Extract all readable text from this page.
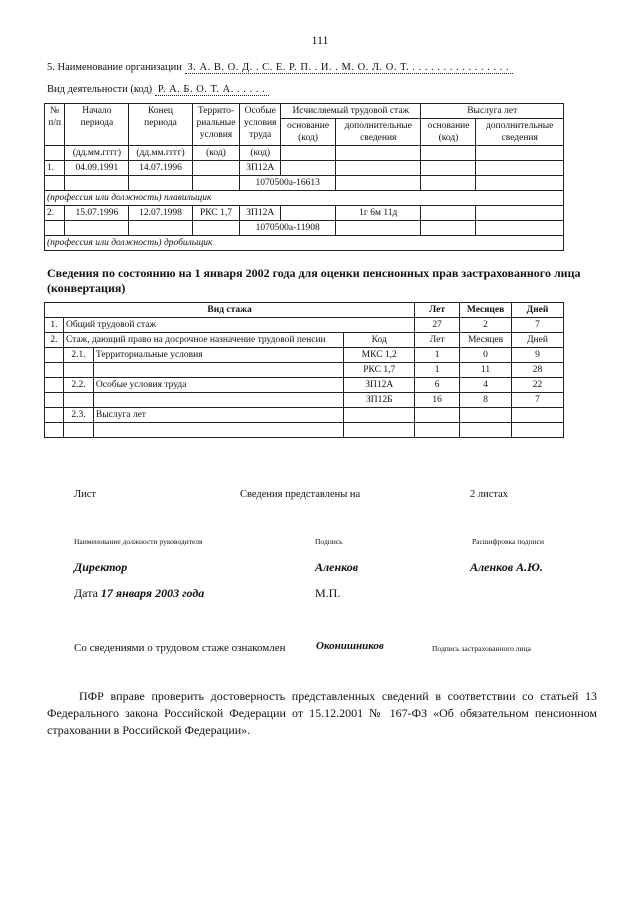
111
5. Наименование организации З. А. В. О. Д. . С. Е. Р. П. . И. . М. О. Л. О. Т. . . . . . . . . . . . . . . . .
Вид деятельности (код) Р. А. Б. О. Т. А. . . . . .
№ п/п	Начало периода	Конец периода	Террито-риальные условия	Особые условия труда	Исчисляемый трудовой стаж		Выслуга лет	
					основание (код)	дополнительные сведения	основание (код)	дополнительные сведения
	(дд.мм.гггг)	(дд.мм.гггг)	(код)	(код)				
1.	04.09.1991	14.07.1996		ЗП12А				
				1070500а-16613				
(профессия или должность) плавильщик								
2.	15.07.1996	12.07.1998	РКС 1,7	ЗП12А		1г 6м 11д		
				1070500а-11908				
(профессия или должность) дробильщик								
Сведения по состоянию на 1 января 2002 года для оценки пенсионных прав застрахованного лица (конвертация)
Вид стажа				Лет	Месяцев	Дней
1.	Общий трудовой стаж			27	2	7
2.	Стаж, дающий право на досрочное назначение трудовой пенсии		Код	Лет	Месяцев	Дней
	2.1.	Территориальные условия	МКС 1,2	1	0	9
			РКС 1,7	1	11	28
	2.2.	Особые условия труда	ЗП12А	6	4	22
			ЗП12Б	16	8	7
	2.3.	Выслуга лет				

Лист	Сведения представлены на	2 листах
Наименование должности руководителя	Подпись	Расшифровка подписи
Директор	Аленков	Аленков А.Ю.
Дата 17 января 2003 года	М.П.
Со сведениями о трудовом стаже ознакомлен	Оконишников	Подпись застрахованного лица
ПФР вправе проверить достоверность представленных сведений в соответствии со статьей 13 Федерального закона Российской Федерации от 15.12.2001 № 167-ФЗ «Об обязательном пенсионном страховании в Российской Федерации».
